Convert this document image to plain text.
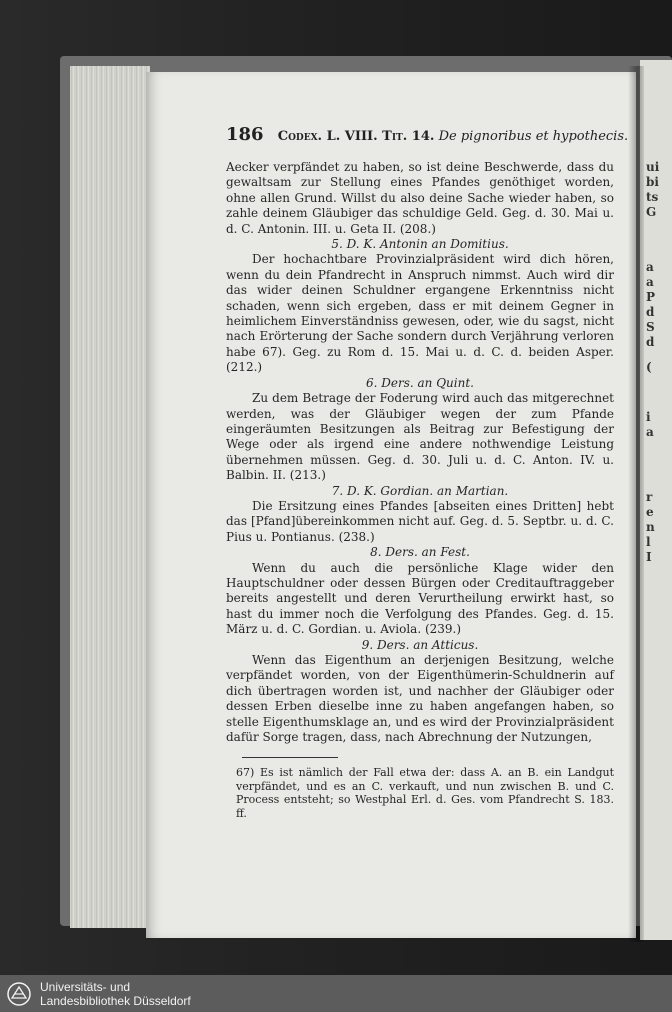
ui
bi
ts
G
a
a
P
d
S
d
(
i
a
r
e
n
l
I
186 Codex. L. VIII. Tit. 14. De pignoribus et hypothecis.

Aecker verpfändet zu haben, so ist deine Beschwerde, dass du gewaltsam zur Stellung eines Pfandes genöthiget worden, ohne allen Grund. Willst du also deine Sache wieder haben, so zahle deinem Gläubiger das schuldige Geld. Geg. d. 30. Mai u. d. C. Antonin. III. u. Geta II. (208.)

5. D. K. Antonin an Domitius.

Der hochachtbare Provinzialpräsident wird dich hören, wenn du dein Pfandrecht in Anspruch nimmst. Auch wird dir das wider deinen Schuldner ergangene Erkenntniss nicht schaden, wenn sich ergeben, dass er mit deinem Gegner in heimlichem Einverständniss gewesen, oder, wie du sagst, nicht nach Erörterung der Sache sondern durch Verjährung verloren habe 67). Geg. zu Rom d. 15. Mai u. d. C. d. beiden Asper. (212.)

6. Ders. an Quint.

Zu dem Betrage der Foderung wird auch das mitgerechnet werden, was der Gläubiger wegen der zum Pfande eingeräumten Besitzungen als Beitrag zur Befestigung der Wege oder als irgend eine andere nothwendige Leistung übernehmen müssen. Geg. d. 30. Juli u. d. C. Anton. IV. u. Balbin. II. (213.)

7. D. K. Gordian. an Martian.

Die Ersitzung eines Pfandes [abseiten eines Dritten] hebt das [Pfand]übereinkommen nicht auf. Geg. d. 5. Septbr. u. d. C. Pius u. Pontianus. (238.)

8. Ders. an Fest.

Wenn du auch die persönliche Klage wider den Hauptschuldner oder dessen Bürgen oder Creditauftraggeber bereits angestellt und deren Verurtheilung erwirkt hast, so hast du immer noch die Verfolgung des Pfandes. Geg. d. 15. März u. d. C. Gordian. u. Aviola. (239.)

9. Ders. an Atticus.

Wenn das Eigenthum an derjenigen Besitzung, welche verpfändet worden, von der Eigenthümerin-Schuldnerin auf dich übertragen worden ist, und nachher der Gläubiger oder dessen Erben dieselbe inne zu haben angefangen haben, so stelle Eigenthumsklage an, und es wird der Provinzialpräsident dafür Sorge tragen, dass, nach Abrechnung der Nutzungen,

67) Es ist nämlich der Fall etwa der: dass A. an B. ein Landgut verpfändet, und es an C. verkauft, und nun zwischen B. und C. Process entsteht; so Westphal Erl. d. Ges. vom Pfandrecht S. 183. ff.

Universitäts- und
Landesbibliothek Düsseldorf
